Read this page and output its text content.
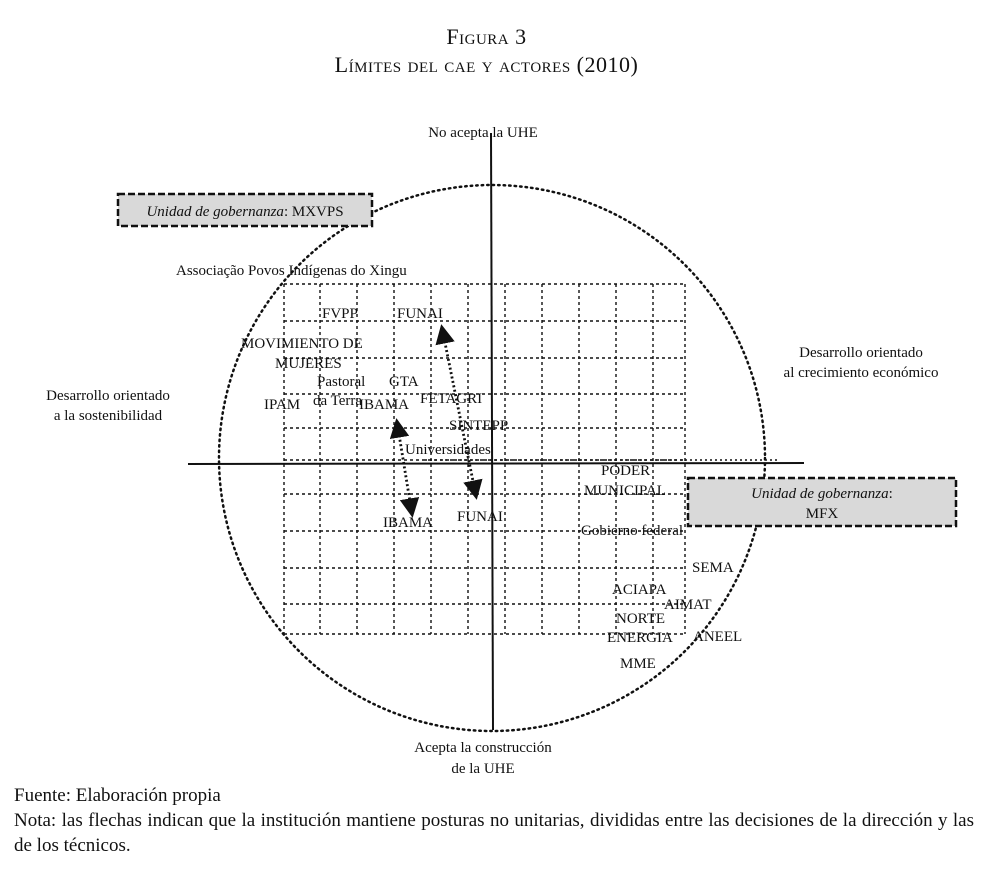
Figura 3
Límites del cae y actores (2010)
No acepta la UHE
Acepta la construcción
de la UHE
Desarrollo orientado
a la sostenibilidad
Desarrollo orientado
al crecimiento económico
Unidad de gobernanza: MXVPS
Unidad de gobernanza:
MFX
Associação Povos Indígenas do Xingu
FVPP	FUNAI
MOVIMIENTO DE
MUJERES
Pastoral GTA
da Terra
IPAM	IBAMA FETAGRI
SINTEPP
Universidades
PODER
MUNICIPAL
IBAMA FUNAI
Gobierno federal
SEMA
ACIAPA
AIMAT
NORTE
ENERGIA ANEEL
MME
Fuente: Elaboración propia
Nota: las flechas indican que la institución mantiene posturas no unitarias, divididas entre las decisiones de la dirección y las de los técnicos.
